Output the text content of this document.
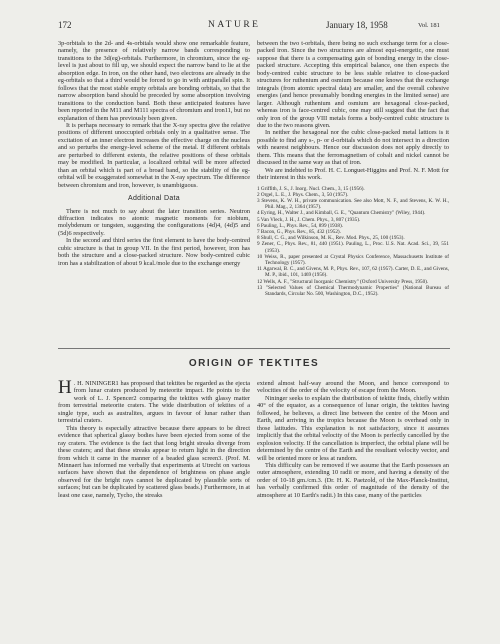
172	NATURE	January 18, 1958	Vol. 181

3p-orbitals to the 2d- and 4s-orbitals would show one remarkable feature, namely, the presence of relatively narrow bands corresponding to transitions to the 3d(eg)-orbitals. Furthermore, in chromium, since the eg-level is just about to fill up, we should expect the narrow band to lie at the absorption edge. In iron, on the other hand, two electrons are already in the eg-orbitals so that a third would be forced to go in with antiparallel spin. It follows that the most stable empty orbitals are bonding orbitals, so that the narrow absorption band should be preceded by some absorption involving transitions to the conduction band. Both these anticipated features have been reported in the M11 and M111 spectra of chromium and iron11, but no explanation of them has previously been given.

It is perhaps necessary to remark that the X-ray spectra give the relative positions of different unoccupied orbitals only in a qualitative sense. The excitation of an inner electron increases the effective charge on the nucleus and so perturbs the energy-level scheme of the metal. If different orbitals are perturbed to different extents, the relative positions of these orbitals may be modified. In particular, a localized orbital will be more affected than an orbital which is part of a broad band, so the stability of the eg-orbital will be exaggerated somewhat in the X-ray spectrum. The difference between chromium and iron, however, is unambiguous.

Additional Data

There is not much to say about the later transition series. Neutron diffraction indicates no atomic magnetic moments for niobium, molybdenum or tungsten, suggesting the configurations (4d)4, (4d)5 and (5d)6 respectively.

In the second and third series the first element to have the body-centred cubic structure is that in group VII. In the first period, however, iron has both the structure and a close-packed structure. Now body-centred cubic iron has a stabilization of about 9 kcal./mole due to the exchange energy

between the two t-orbitals, there being no such exchange term for a close-packed iron. Since the two structures are almost equi-energetic, one must suppose that there is a compensating gain of bonding energy in the close-packed structure. Accepting this empirical balance, one then expects the body-centred cubic structure to be less stable relative to close-packed structures for ruthenium and osmium because one knows that the exchange integrals (from atomic spectral data) are smaller, and the overall cohesive energies (and hence presumably bonding energies in the limited sense) are larger. Although ruthenium and osmium are hexagonal close-packed, whereas iron is face-centred cubic, one may still suggest that the fact that only iron of the group VIII metals forms a body-centred cubic structure is due to the two reasons given.

In neither the hexagonal nor the cubic close-packed metal lattices is it possible to find any s-, p- or d-orbitals which do not intersect in a direction with nearest neighbours. Hence our discussion does not apply directly to them. This means that the ferromagnetism of cobalt and nickel cannot be discussed in the same way as that of iron.

We are indebted to Prof. H. C. Longuet-Higgins and Prof. N. F. Mott for their interest in this work.

1 Griffith, J. S., J. Inorg. Nucl. Chem., 3, 15 (1956).
2 Orgel, L. E., J. Phys. Chem., 3, 50 (1957).
3 Stevens, K. W. H., private communication. See also Mott, N. F., and Stevens, K. W. H., Phil. Mag., 2, 1364 (1957).
4 Eyring, H., Walter J., and Kimball, G. E., "Quantum Chemistry" (Wiley, 1944).
5 Van Vleck, J. H., J. Chem. Phys., 3, 807 (1935).
6 Pauling, L., Phys. Rev., 54, 899 (1938).
7 Bacon, G., Phys. Rev., 85, 432 (1952).
8 Shull, C. G., and Wilkinson, M. K., Rev. Mod. Phys., 25, 100 (1953).
9 Zener, C., Phys. Rev., 81, 440 (1951). Pauling, L., Proc. U.S. Nat. Acad. Sci., 39, 551 (1953).
10 Weiss, R., paper presented at Crystal Physics Conference, Massachusetts Institute of Technology (1957).
11 Agarwal, B. C., and Givens, M. P., Phys. Rev., 107, 62 (1957). Carter, D. E., and Givens, M. P., ibid., 101, 1469 (1956).
12 Wells, A. F., "Structural Inorganic Chemistry" (Oxford University Press, 1950).
13 "Selected Values of Chemical Thermodynamic Properties" (National Bureau of Standards, Circular No. 500, Washington, D.C., 1952).
ORIGIN OF TEKTITES

H . H. NININGER1 has proposed that tektites be regarded as the ejecta from lunar craters produced by meteorite impact. He points to the work of L. J. Spencer2 comparing the tektites with glassy matter from terrestrial meteorite craters. The wide distribution of tektites of a single type, such as australites, argues in favour of lunar rather than terrestrial craters.

This theory is especially attractive because there appears to be direct evidence that spherical glassy bodies have been ejected from some of the ray craters. The evidence is the fact that long bright streaks diverge from these craters; and that these streaks appear to return light in the direction from which it came in the manner of a beaded glass screen3. (Prof. M. Minnaert has informed me verbally that experiments at Utrecht on various surfaces have shown that the dependence of brightness on phase angle observed for the bright rays cannot be duplicated by plausible sorts of surfaces; but can be duplicated by scattered glass beads.) Furthermore, in at least one case, namely, Tycho, the streaks

extend almost half-way around the Moon, and hence correspond to velocities of the order of the velocity of escape from the Moon.

Nininger seeks to explain the distribution of tektite finds, chiefly within 40° of the equator, as a consequence of lunar origin, the tektites having followed, he believes, a direct line between the centre of the Moon and Earth, and arriving in the tropics because the Moon is overhead only in those latitudes. This explanation is not satisfactory, since it assumes implicitly that the orbital velocity of the Moon is perfectly cancelled by the explosion velocity. If the cancellation is imperfect, the orbital plane will be determined by the centre of the Earth and the resultant velocity vector, and will be oriented more or less at random.

This difficulty can be removed if we assume that the Earth possesses an outer atmosphere, extending 10 radii or more, and having a density of the order of 10-18 gm./cm.3. (Dr. H. K. Paetzold, of the Max-Planck-Institut, has verbally confirmed this order of magnitude of the density of the atmosphere at 10 Earth's radii.) In this case, many of the particles
